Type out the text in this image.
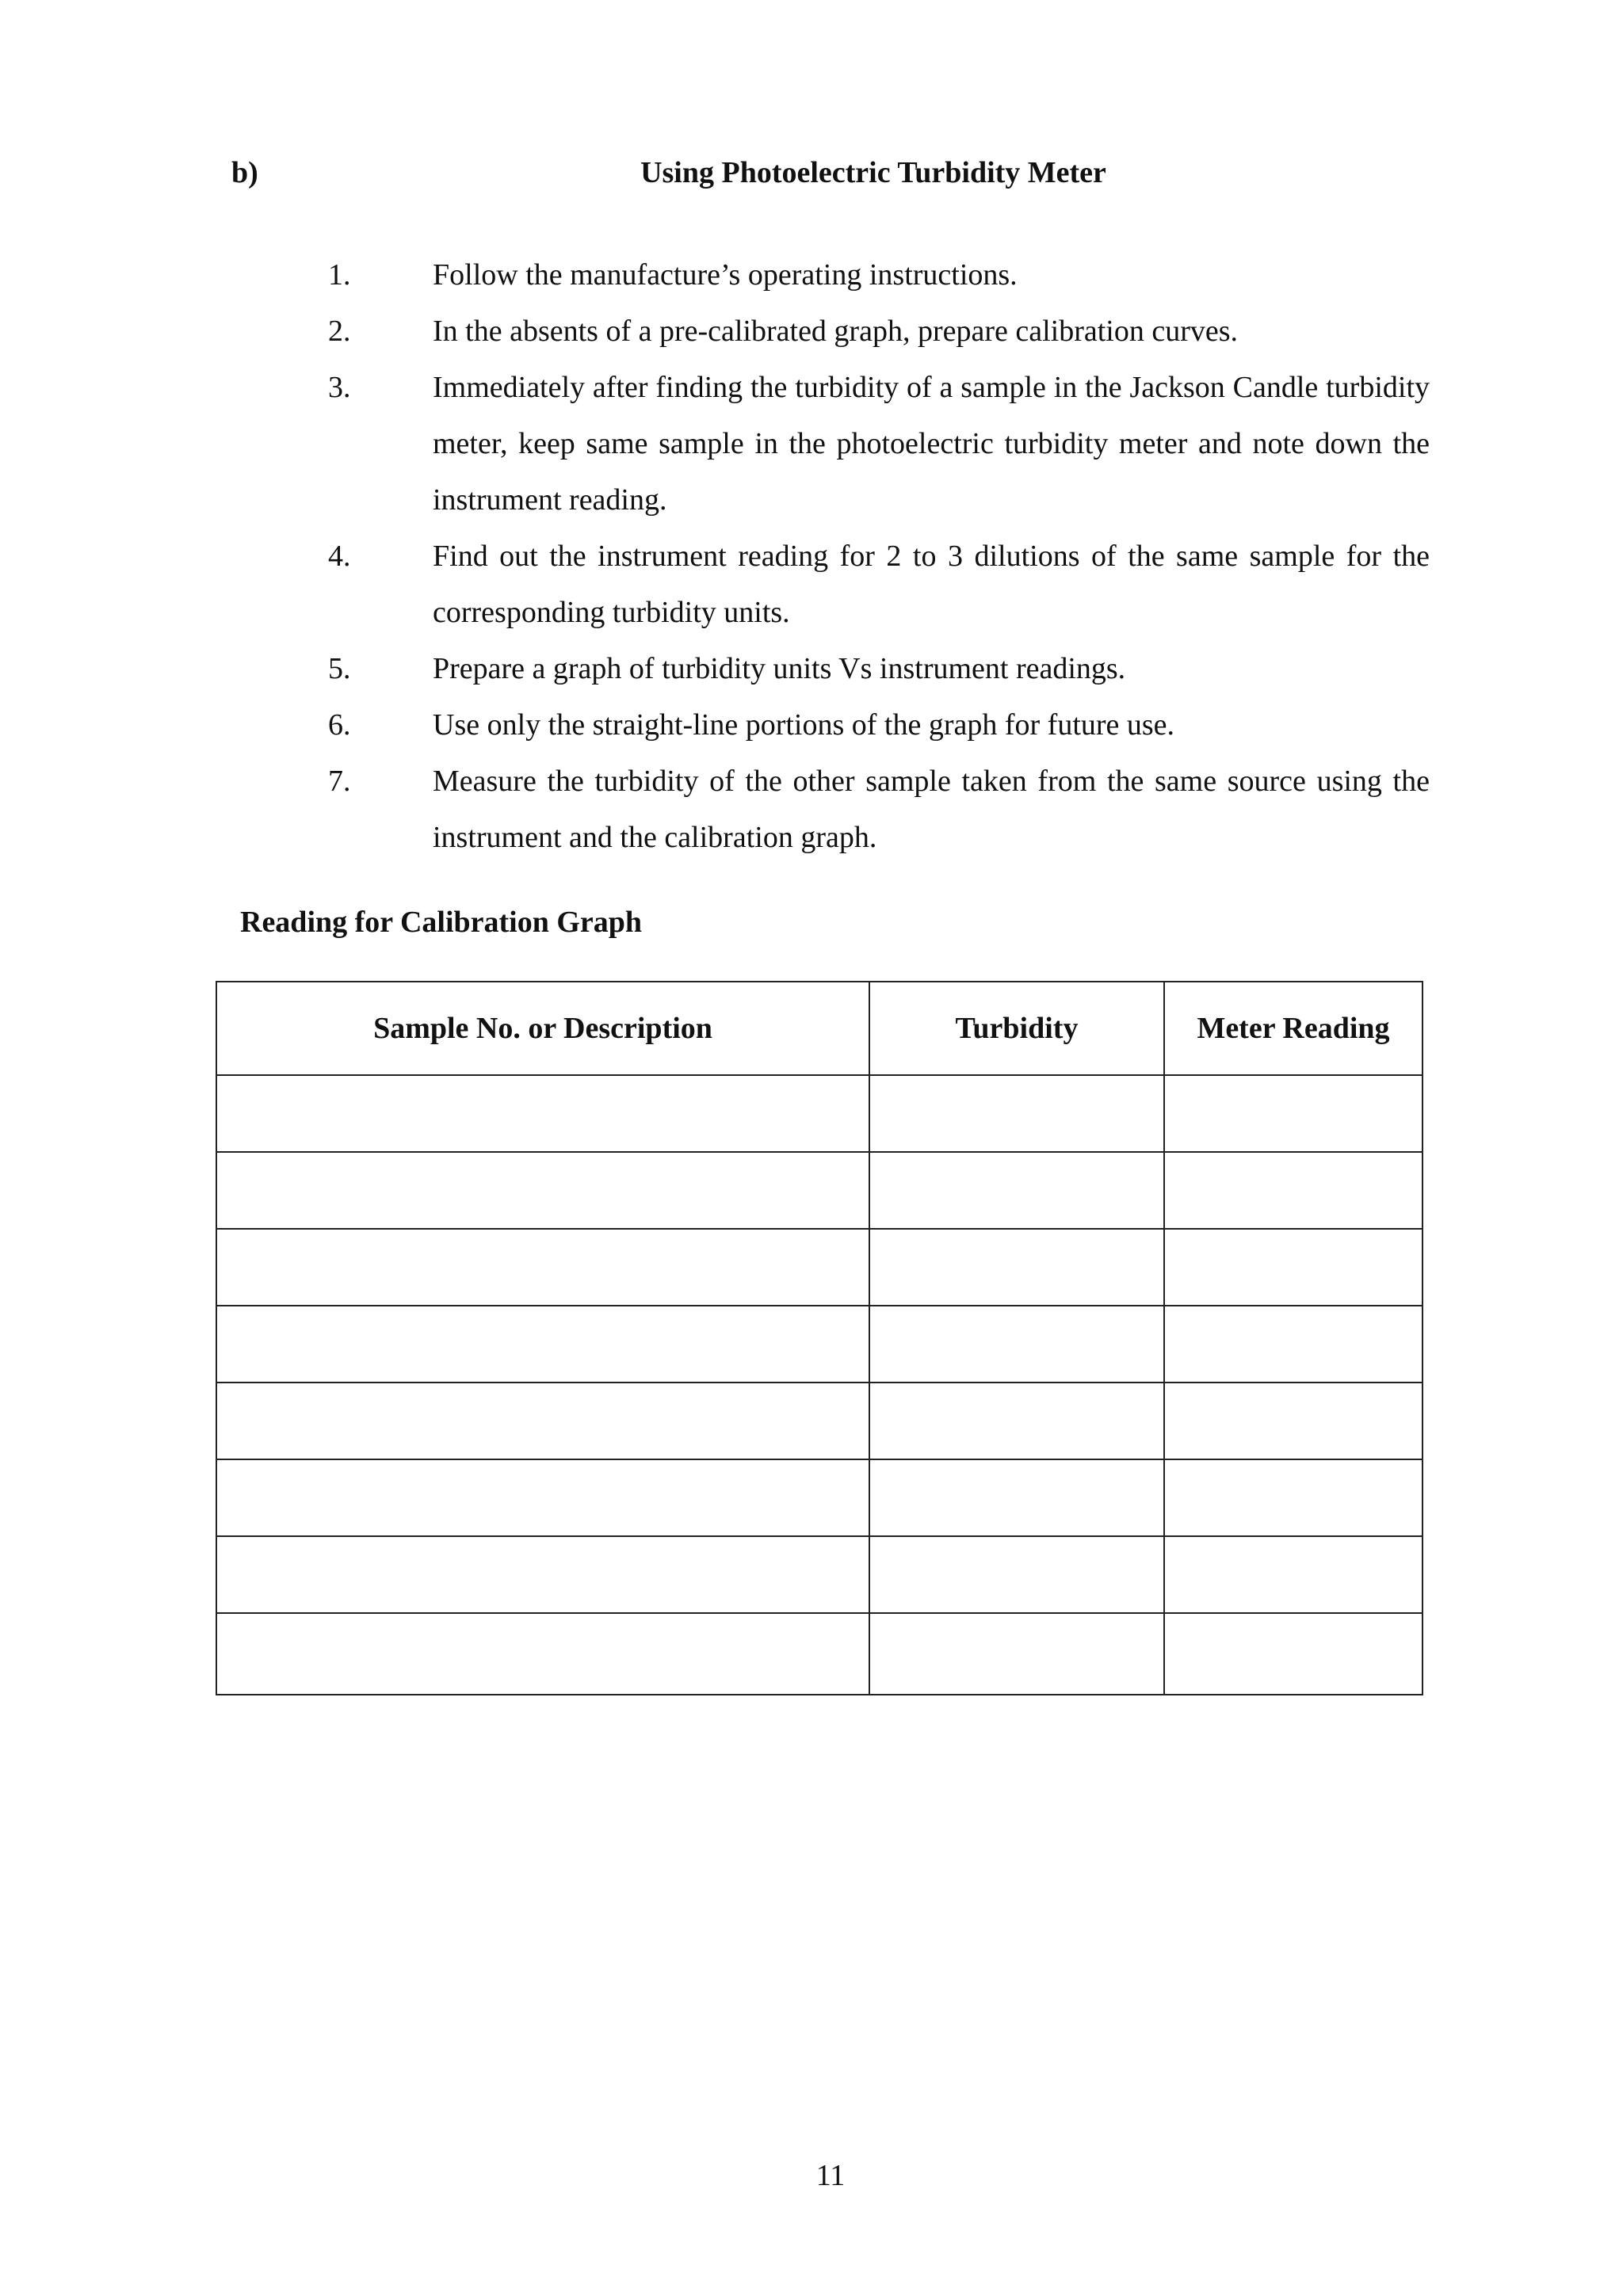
b)	Using Photoelectric Turbidity Meter
1.	Follow the manufacture’s operating instructions.
2.	In the absents of a pre-calibrated graph, prepare calibration curves.
3.	Immediately after finding the turbidity of a sample in the Jackson Candle turbidity meter, keep same sample in the photoelectric turbidity meter and note down the instrument reading.
4.	Find out the instrument reading for 2 to 3 dilutions of the same sample for the corresponding turbidity units.
5.	Prepare a graph of turbidity units Vs instrument readings.
6.	Use only the straight-line portions of the graph for future use.
7.	Measure the turbidity of the other sample taken from the same source using the instrument and the calibration graph.
Reading for Calibration Graph
Sample No. or Description	Turbidity	Meter Reading

11
